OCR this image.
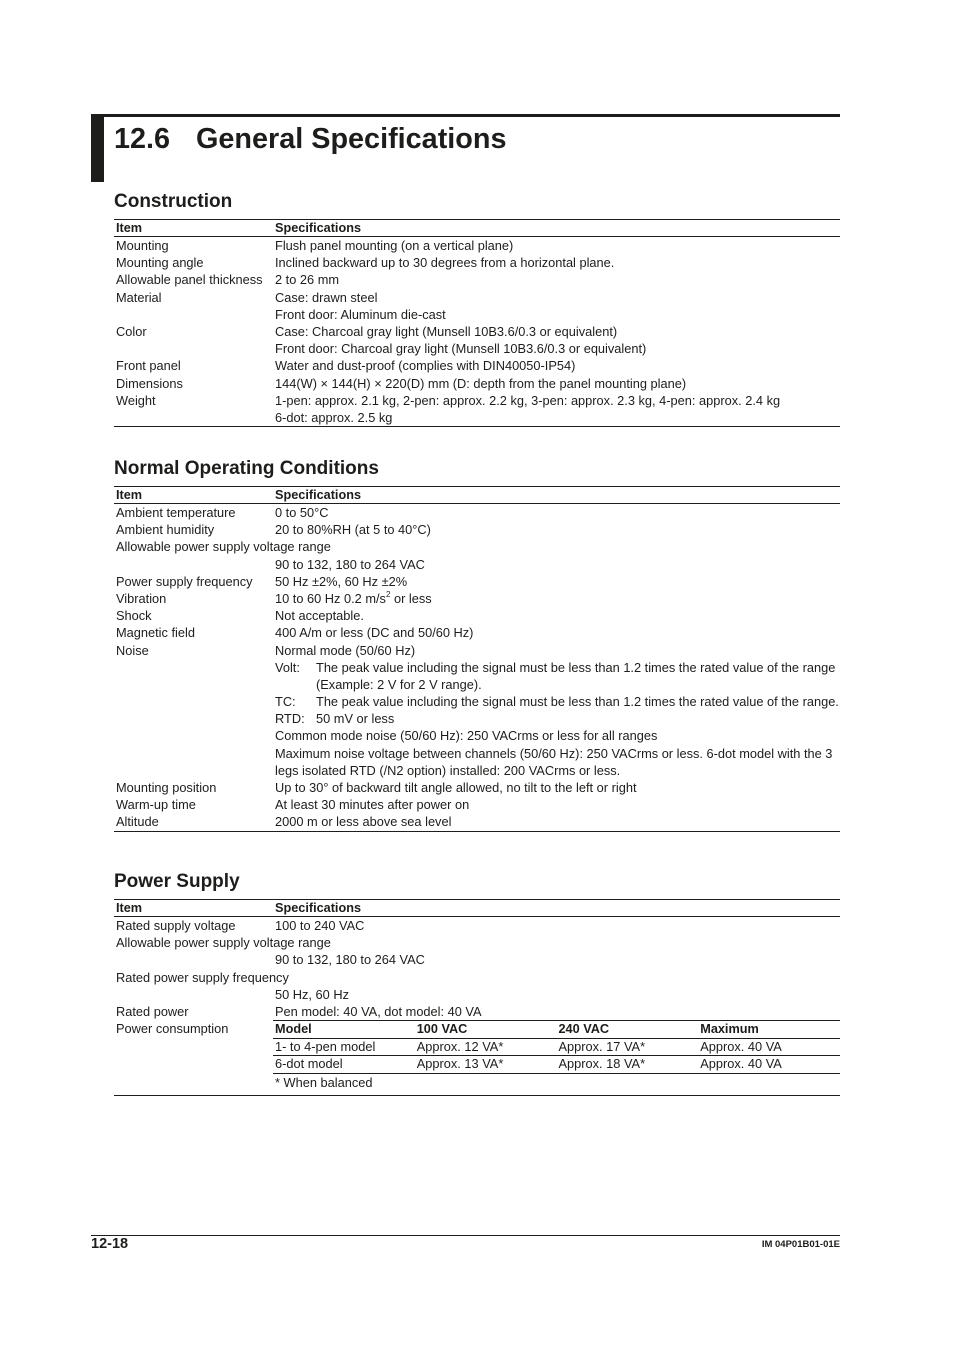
12.6 General Specifications
Construction
Item	Specifications
Mounting	Flush panel mounting (on a vertical plane)
Mounting angle	Inclined backward up to 30 degrees from a horizontal plane.
Allowable panel thickness 2 to 26 mm
Material	Case: drawn steel
Front door: Aluminum die-cast
Color	Case: Charcoal gray light (Munsell 10B3.6/0.3 or equivalent)
Front door: Charcoal gray light (Munsell 10B3.6/0.3 or equivalent)
Front panel	Water and dust-proof (complies with DIN40050-IP54)
Dimensions	144(W) × 144(H) × 220(D) mm (D: depth from the panel mounting plane)
Weight	1-pen: approx. 2.1 kg, 2-pen: approx. 2.2 kg, 3-pen: approx. 2.3 kg, 4-pen: approx. 2.4 kg
6-dot: approx. 2.5 kg
Normal Operating Conditions
Item	Specifications
Ambient temperature	0 to 50°C
Ambient humidity	20 to 80%RH (at 5 to 40°C)
Allowable power supply voltage range
90 to 132, 180 to 264 VAC
Power supply frequency	50 Hz ±2%, 60 Hz ±2%
Vibration	10 to 60 Hz 0.2 $m/s^2$ or less
Shock	Not acceptable.
Magnetic field	400 A/m or less (DC and 50/60 Hz)
Noise	Normal mode (50/60 Hz)
Volt: The peak value including the signal must be less than 1.2 times the rated value of the range
(Example: 2 V for 2 V range).
TC: The peak value including the signal must be less than 1.2 times the rated value of the range.
RTD: 50 mV or less
Common mode noise (50/60 Hz): 250 VACrms or less for all ranges
Maximum noise voltage between channels (50/60 Hz): 250 VACrms or less. 6-dot model with the 3
legs isolated RTD (/N2 option) installed: 200 VACrms or less.
Mounting position	Up to 30° of backward tilt angle allowed, no tilt to the left or right
Warm-up time	At least 30 minutes after power on
Altitude	2000 m or less above sea level
Power Supply
Item	Specifications
Rated supply voltage	100 to 240 VAC
Allowable power supply voltage range
90 to 132, 180 to 264 VAC
Rated power supply frequency
50 Hz, 60 Hz
Rated power	Pen model: 40 VA, dot model: 40 VA
Power consumption	Model	100 VAC	240 VAC	Maximum
1- to 4-pen model	Approx. 12 VA*	Approx. 17 VA*	Approx. 40 VA
6-dot model	Approx. 13 VA*	Approx. 18 VA*	Approx. 40 VA
* When balanced
12-18	IM 04P01B01-01E
